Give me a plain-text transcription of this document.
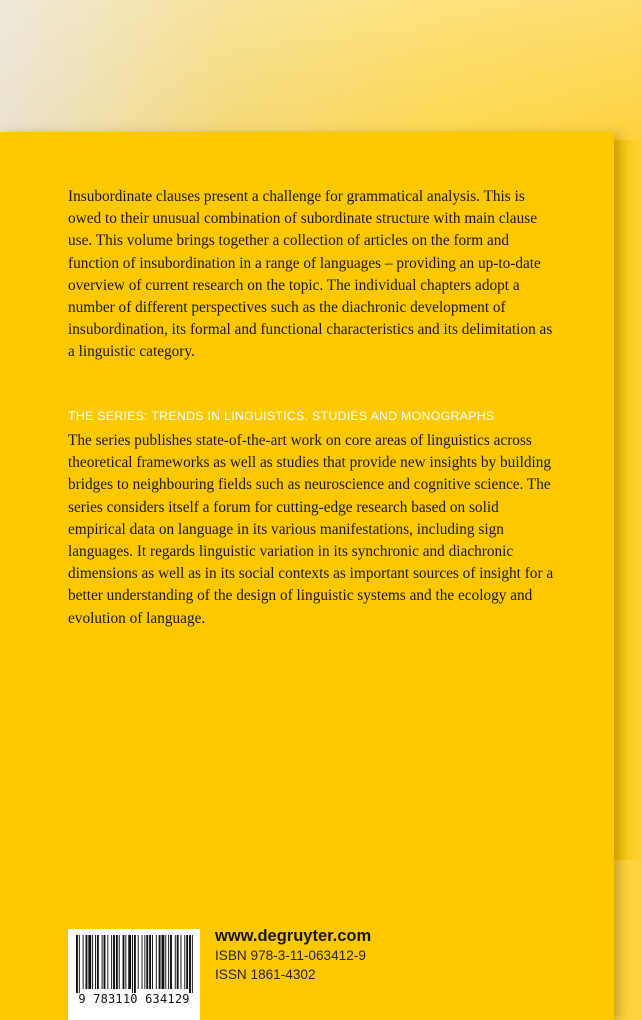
Insubordinate clauses present a challenge for grammatical analysis. This is owed to their unusual combination of subordinate structure with main clause use. This volume brings together a collection of articles on the form and function of insubordination in a range of languages – providing an up-to-date overview of current research on the topic. The individual chapters adopt a number of different perspectives such as the diachronic development of insubordination, its formal and functional characteristics and its delimitation as a linguistic category.

THE SERIES: TRENDS IN LINGUISTICS. STUDIES AND MONOGRAPHS

The series publishes state-of-the-art work on core areas of linguistics across theoretical frameworks as well as studies that provide new insights by building bridges to neighbouring fields such as neuroscience and cognitive science. The series considers itself a forum for cutting-edge research based on solid empirical data on language in its various manifestations, including sign languages. It regards linguistic variation in its synchronic and diachronic dimensions as well as in its social contexts as important sources of insight for a better understanding of the design of linguistic systems and the ecology and evolution of language.

9 783110 634129

www.degruyter.com

ISBN 978-3-11-063412-9

ISSN 1861-4302
